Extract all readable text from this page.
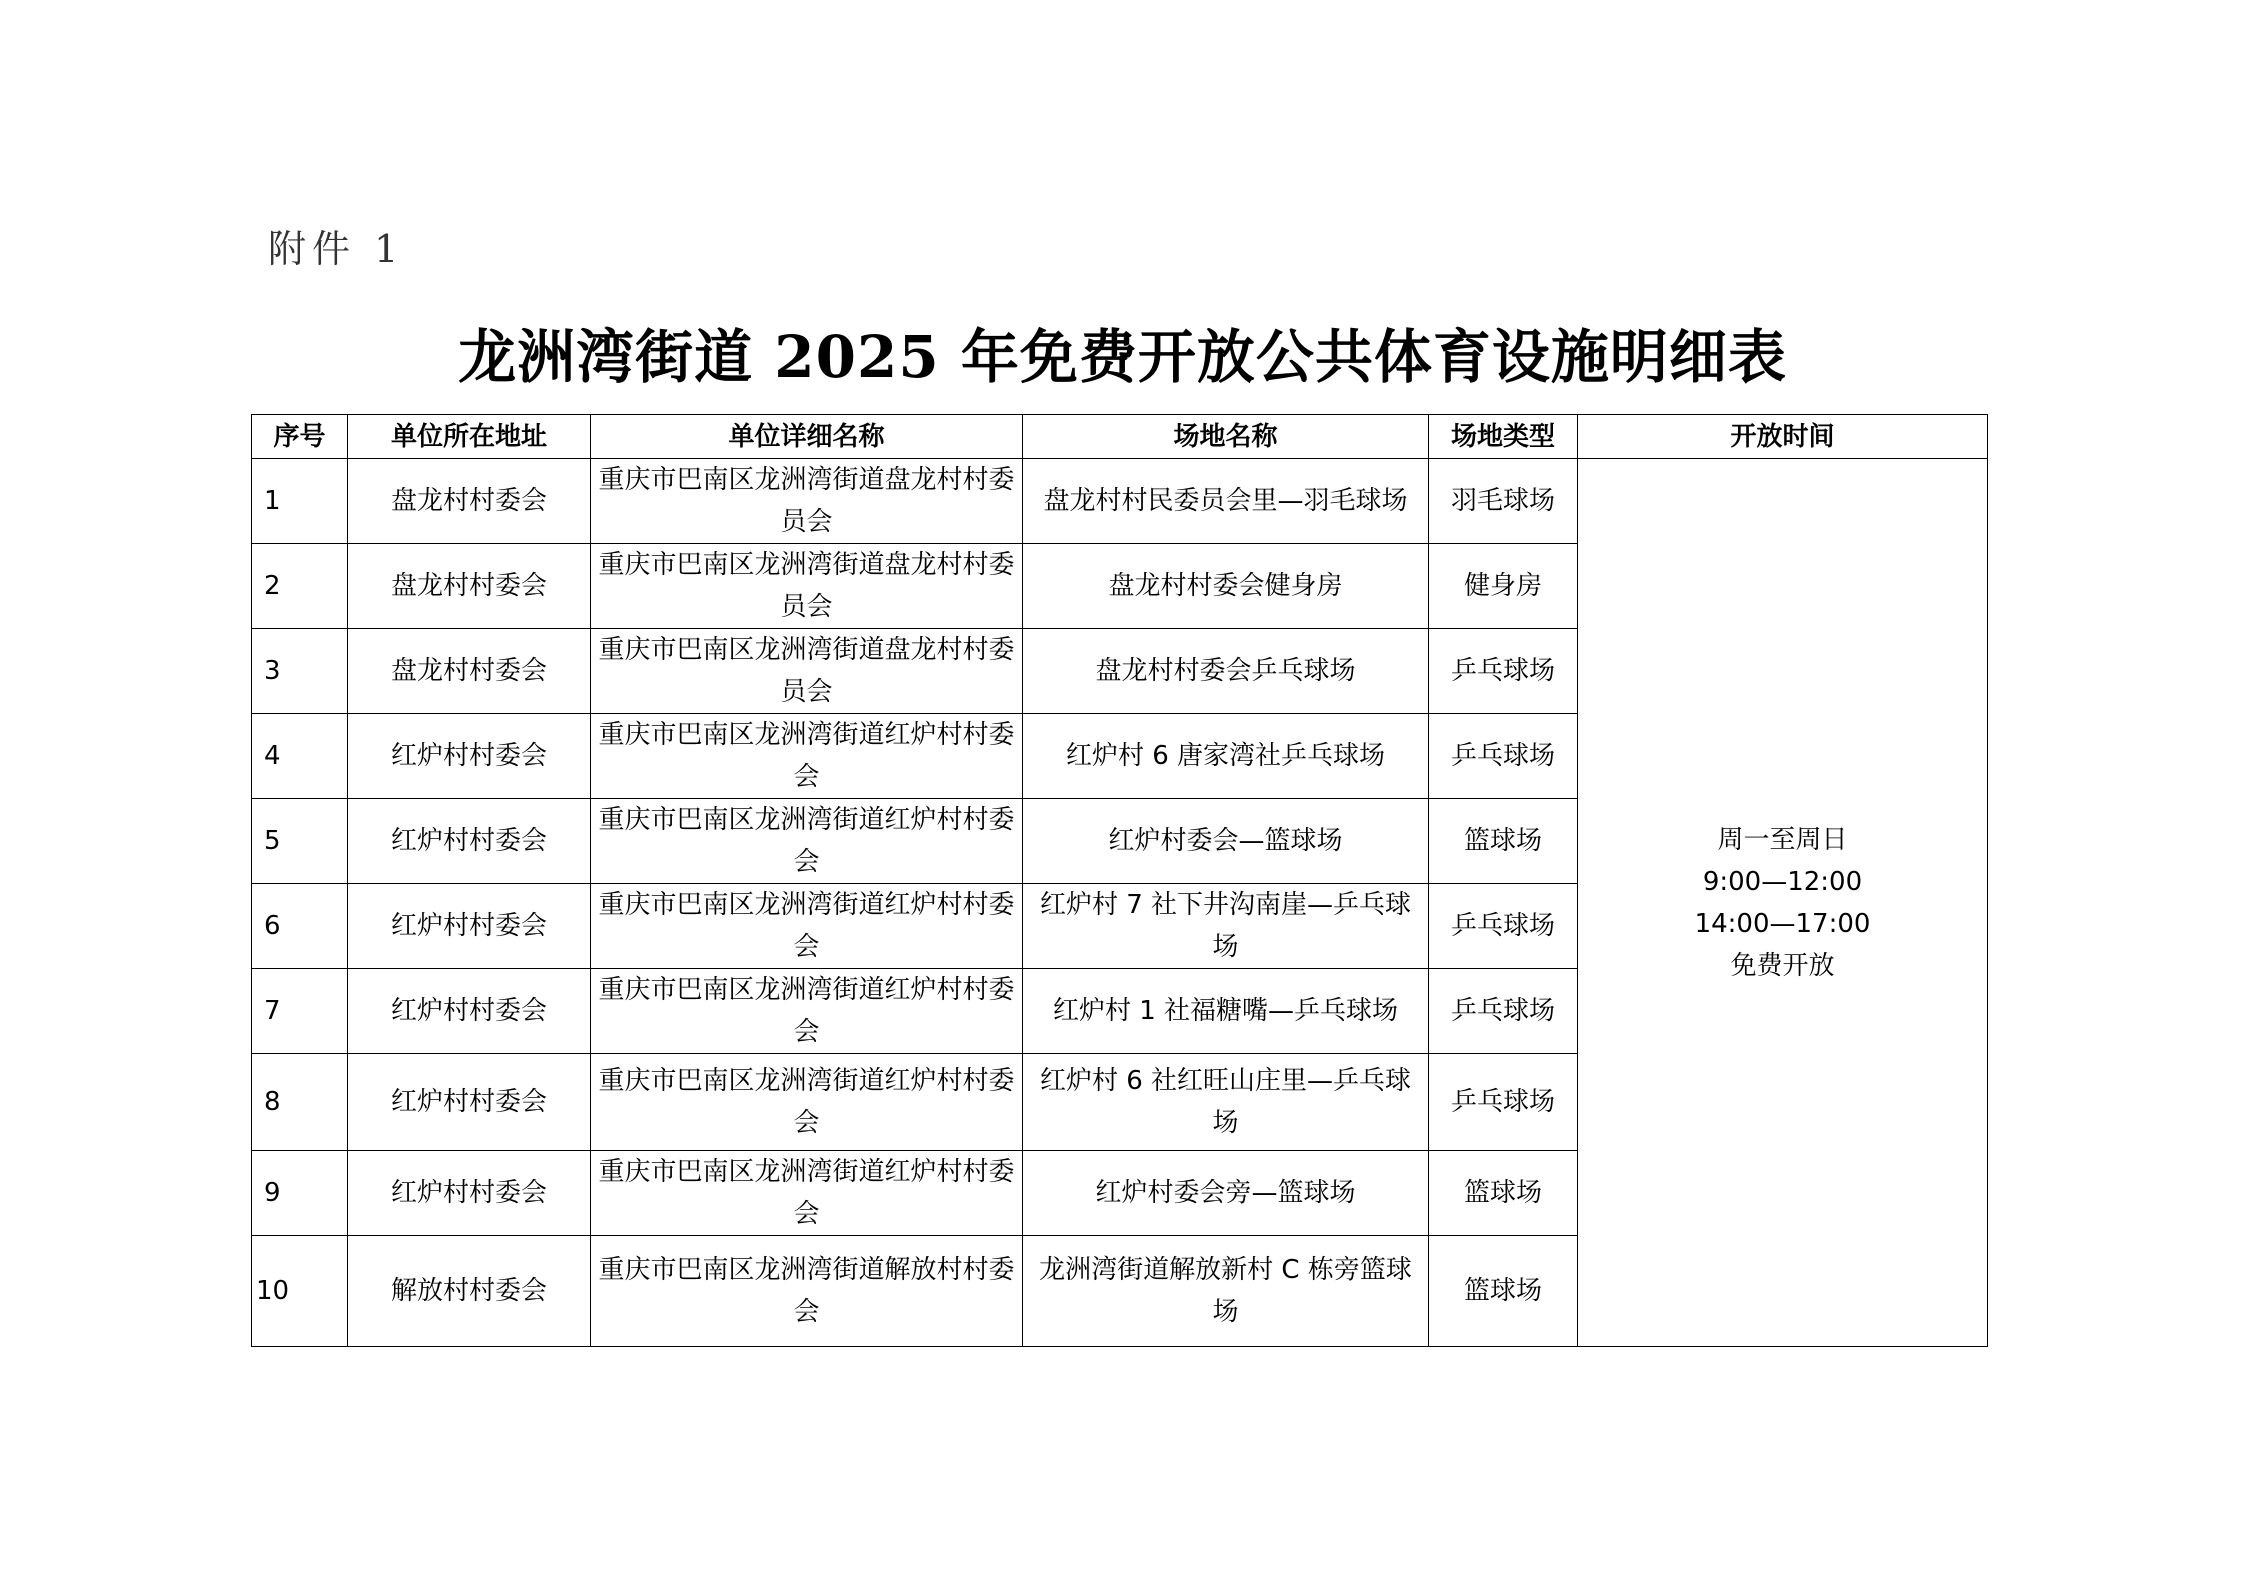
附件 1
龙洲湾街道 2025 年免费开放公共体育设施明细表
序号	单位所在地址	单位详细名称	场地名称	场地类型	开放时间
1	盘龙村村委会	重庆市巴南区龙洲湾街道盘龙村村委员会	盘龙村村民委员会里—羽毛球场	羽毛球场	周一至周日
9:00—12:00
14:00—17:00
免费开放

2	盘龙村村委会	重庆市巴南区龙洲湾街道盘龙村村委员会	盘龙村村委会健身房	健身房	
3	盘龙村村委会	重庆市巴南区龙洲湾街道盘龙村村委员会	盘龙村村委会乒乓球场	乒乓球场	
4	红炉村村委会	重庆市巴南区龙洲湾街道红炉村村委会	红炉村 6 唐家湾社乒乓球场	乒乓球场	
5	红炉村村委会	重庆市巴南区龙洲湾街道红炉村村委会	红炉村委会—篮球场	篮球场	
6	红炉村村委会	重庆市巴南区龙洲湾街道红炉村村委会	红炉村 7 社下井沟南崖—乒乓球场	乒乓球场	
7	红炉村村委会	重庆市巴南区龙洲湾街道红炉村村委会	红炉村 1 社福糖嘴—乒乓球场	乒乓球场	
8	红炉村村委会	重庆市巴南区龙洲湾街道红炉村村委会	红炉村 6 社红旺山庄里—乒乓球场	乒乓球场	
9	红炉村村委会	重庆市巴南区龙洲湾街道红炉村村委会	红炉村委会旁—篮球场	篮球场	
10	解放村村委会	重庆市巴南区龙洲湾街道解放村村委会	龙洲湾街道解放新村 C 栋旁篮球场	篮球场	
